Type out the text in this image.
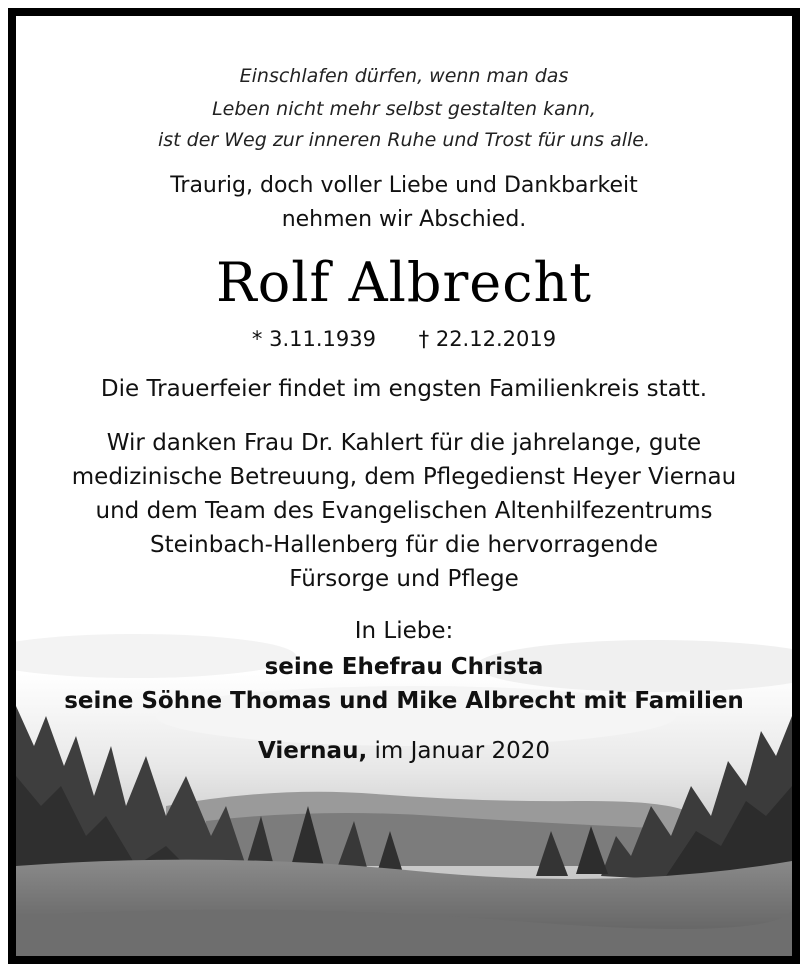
Einschlafen dürfen, wenn man das
Leben nicht mehr selbst gestalten kann,
ist der Weg zur inneren Ruhe und Trost für uns alle.
Traurig, doch voller Liebe und Dankbarkeit
nehmen wir Abschied.
Rolf Albrecht
* 3.11.1939 † 22.12.2019
Die Trauerfeier findet im engsten Familienkreis statt.
Wir danken Frau Dr. Kahlert für die jahrelange, gute
medizinische Betreuung, dem Pflegedienst Heyer Viernau
und dem Team des Evangelischen Altenhilfezentrums
Steinbach-Hallenberg für die hervorragende
Fürsorge und Pflege
In Liebe:
seine Ehefrau Christa
seine Söhne Thomas und Mike Albrecht mit Familien
Viernau, im Januar 2020
